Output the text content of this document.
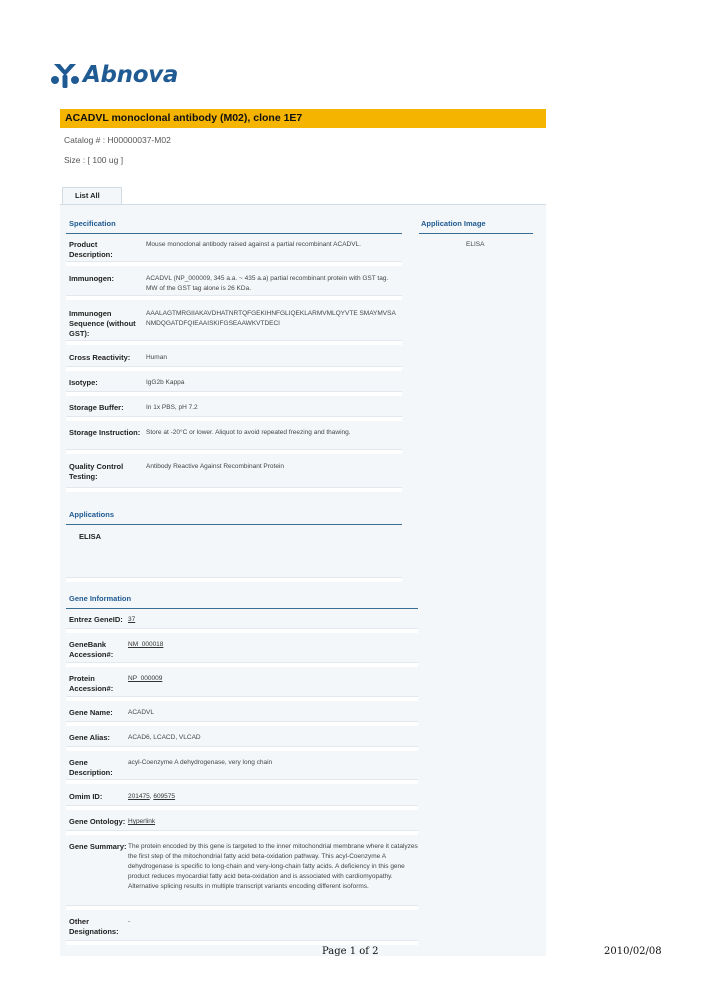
Abnova
ACADVL monoclonal antibody (M02), clone 1E7
Catalog # : H00000037-M02
Size : [ 100 ug ]
List All
Specification
Product Description:
Mouse monoclonal antibody raised against a partial recombinant ACADVL.
Immunogen:	ACADVL (NP_000009, 345 a.a. ~ 435 a.a) partial recombinant protein with GST tag. MW of the GST tag alone is 26 KDa.
Immunogen Sequence (without GST):
AAALAGTMRGIIAKAVDHATNRTQFGEKIHNFGLIQEKLARMVMLQYVTE SMAYMVSANMDQGATDFQIEAAISKIFGSEAAWKVTDECI
Cross Reactivity:	Human
Isotype:	IgG2b Kappa
Storage Buffer:	In 1x PBS, pH 7.2
Storage Instruction: Store at -20°C or lower. Aliquot to avoid repeated freezing and thawing.
Quality Control Testing:
Antibody Reactive Against Recombinant Protein
Application Image
ELISA
Applications
ELISA
Gene Information
Entrez GeneID: 37
GeneBank Accession#:
NM_000018
Protein Accession#:
NP_000009
Gene Name:	ACADVL
Gene Alias:	ACAD6, LCACD, VLCAD
Gene Description:
acyl-Coenzyme A dehydrogenase, very long chain
Omim ID:	201475, 609575
Gene Ontology: Hyperlink
Gene Summary: The protein encoded by this gene is targeted to the inner mitochondrial membrane where it catalyzes the first step of the mitochondrial fatty acid beta-oxidation pathway. This acyl-Coenzyme A dehydrogenase is specific to long-chain and very-long-chain fatty acids. A deficiency in this gene product reduces myocardial fatty acid beta-oxidation and is associated with cardiomyopathy. Alternative splicing results in multiple transcript variants encoding different isoforms.
Other Designations:
-
Page 1 of 2	2010/02/08
